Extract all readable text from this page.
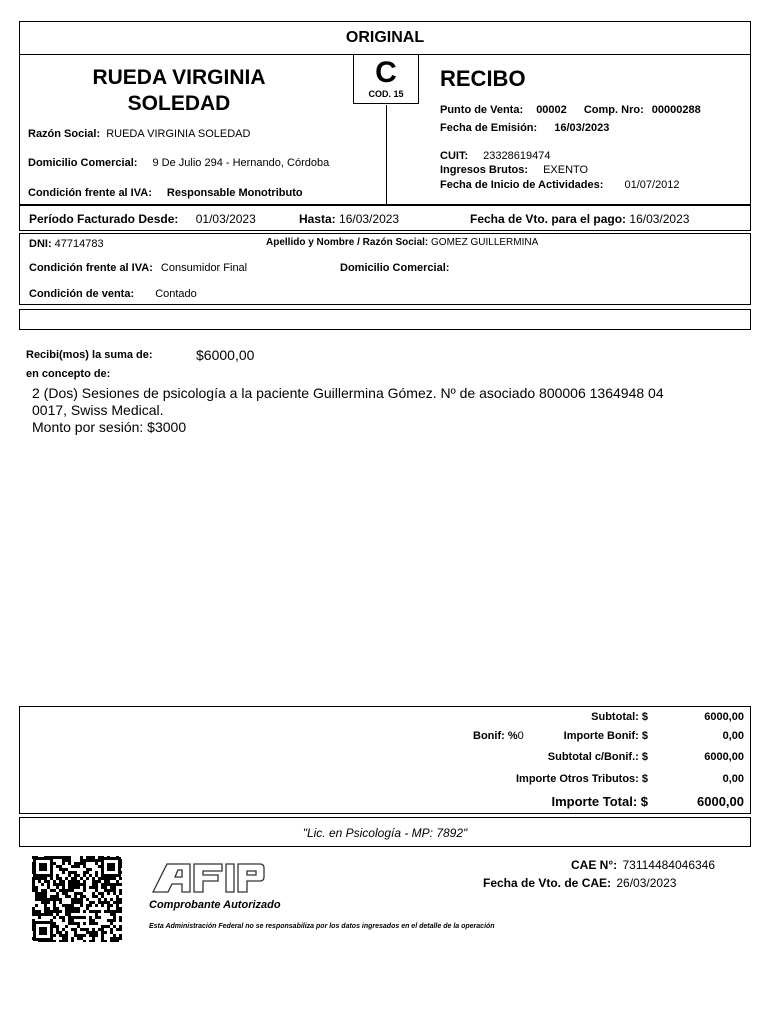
ORIGINAL
C
COD. 15
RUEDA VIRGINIA
SOLEDAD
Razón Social: RUEDA VIRGINIA SOLEDAD
Domicilio Comercial: 9 De Julio 294 - Hernando, Córdoba
Condición frente al IVA: Responsable Monotributo
RECIBO
Punto de Venta: 00002 Comp. Nro: 00000288
Fecha de Emisión: 16/03/2023
CUIT: 23328619474
Ingresos Brutos: EXENTO
Fecha de Inicio de Actividades: 01/07/2012
Período Facturado Desde: 01/03/2023	Hasta: 16/03/2023	Fecha de Vto. para el pago: 16/03/2023
DNI: 47714783	Apellido y Nombre / Razón Social: GOMEZ GUILLERMINA
Condición frente al IVA: Consumidor Final	Domicilio Comercial:
Condición de venta: Contado
Recibi(mos) la suma de:	$6000,00
en concepto de:
2 (Dos) Sesiones de psicología a la paciente Guillermina Gómez. Nº de asociado 800006 1364948 04
0017, Swiss Medical.
Monto por sesión: $3000
Subtotal: $	6000,00
Bonif: %0	Importe Bonif: $	0,00
Subtotal c/Bonif.: $	6000,00
Importe Otros Tributos: $	0,00
Importe Total: $	6000,00
"Lic. en Psicología - MP: 7892"
Comprobante Autorizado
Esta Administración Federal no se responsabiliza por los datos ingresados en el detalle de la operación
CAE N°: 73114484046346
Fecha de Vto. de CAE: 26/03/2023
